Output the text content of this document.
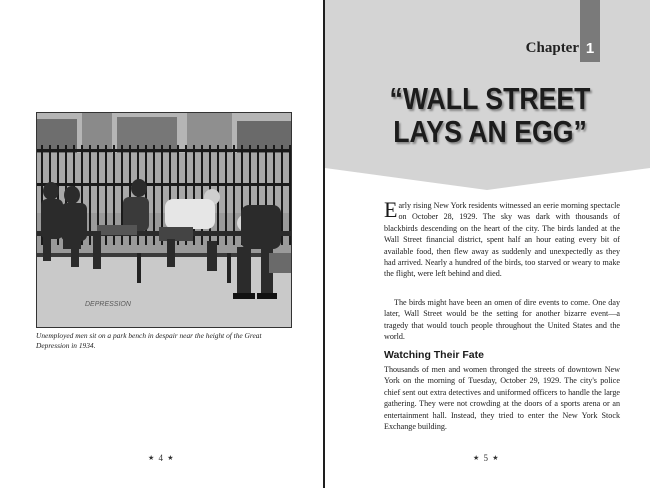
DEPRESSION
Unemployed men sit on a park bench in despair near the height of the Great Depression in 1934.
★ 4 ★
Chapter 1
“WALL STREET
LAYS AN EGG”
Early rising New York residents witnessed an eerie morning spectacle on October 28, 1929. The sky was dark with thousands of blackbirds descending on the heart of the city. The birds landed at the Wall Street financial district, spent half an hour eating every bit of available food, then flew away as suddenly and unexpectedly as they had arrived. Nearly a hundred of the birds, too starved or weary to make the flight, were left behind and died.
The birds might have been an omen of dire events to come. One day later, Wall Street would be the setting for another bizarre event—a tragedy that would touch people throughout the United States and the world.
Watching Their Fate
Thousands of men and women thronged the streets of downtown New York on the morning of Tuesday, October 29, 1929. The city's police chief sent out extra detectives and uniformed officers to handle the large gathering. They were not crowding at the doors of a sports arena or an entertainment hall. Instead, they tried to enter the New York Stock Exchange building.
★ 5 ★
